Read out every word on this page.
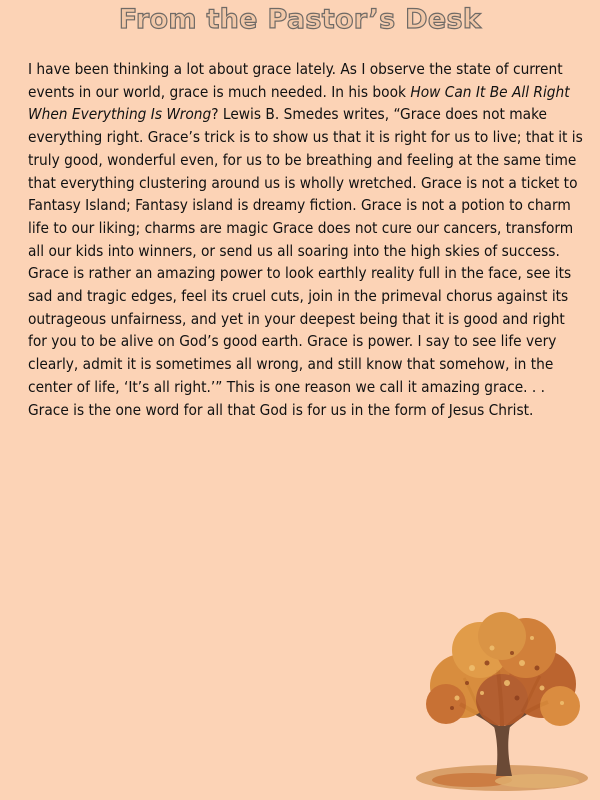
From the Pastor’s Desk

I have been thinking a lot about grace lately. As I observe the state of current events in our world, grace is much needed. In his book How Can It Be All Right When Everything Is Wrong? Lewis B. Smedes writes, “Grace does not make everything right. Grace’s trick is to show us that it is right for us to live; that it is truly good, wonderful even, for us to be breathing and feeling at the same time that everything clustering around us is wholly wretched. Grace is not a ticket to Fantasy Island; Fantasy island is dreamy fiction. Grace is not a potion to charm life to our liking; charms are magic Grace does not cure our cancers, transform all our kids into winners, or send us all soaring into the high skies of success. Grace is rather an amazing power to look earthly reality full in the face, see its sad and tragic edges, feel its cruel cuts, join in the primeval chorus against its outrageous unfairness, and yet in your deepest being that it is good and right for you to be alive on God’s good earth. Grace is power. I say to see life very clearly, admit it is sometimes all wrong, and still know that somehow, in the center of life, ‘It’s all right.’” This is one reason we call it amazing grace. . . Grace is the one word for all that God is for us in the form of Jesus Christ.
